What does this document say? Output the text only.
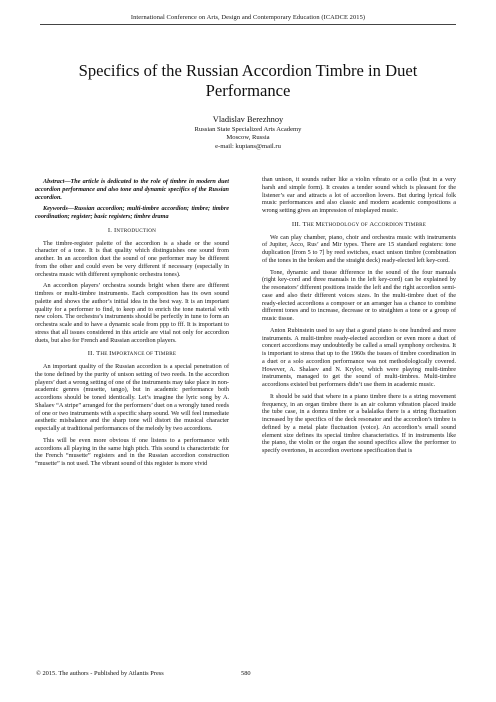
International Conference on Arts, Design and Contemporary Education (ICADCE 2015)
Specifics of the Russian Accordion Timbre in Duet Performance
Vladislav Berezhnoy
Russian State Specialized Arts Academy
Moscow, Russia
e-mail: kupians@mail.ru

Abstract—The article is dedicated to the role of timbre in modern duet accordion performance and also tone and dynamic specifics of the Russian accordion.

Keywords—Russian accordion; multi-timbre accordion; timbre; timbre coordination; register; basic registers; timbre drama

I. INTRODUCTION

The timbre-register palette of the accordion is a shade or the sound character of a tone. It is that quality which distinguishes one sound from another. In an accordion duet the sound of one performer may be different from the other and could even be very different if necessary (especially in orchestra music with different symphonic orchestra tones).

An accordion players’ orchestra sounds bright when there are different timbres or multi-timbre instruments. Each composition has its own sound palette and shows the author’s initial idea in the best way. It is an important quality for a performer to find, to keep and to enrich the tone material with new colors. The orchestra’s instruments should be perfectly in tune to form an orchestra scale and to have a dynamic scale from ppp to fff. It is important to stress that all issues considered in this article are vital not only for accordion duets, but also for French and Russian accordion players.

II. THE IMPORTANCE OF TIMBRE

An important quality of the Russian accordion is a special penetration of the tone defined by the purity of unison setting of two reeds. In the accordion players’ duet a wrong setting of one of the instruments may take place in non-academic genres (musette, tango), but in academic performance both accordions should be toned identically. Let’s imagine the lyric song by A. Shalaev “A stripe” arranged for the performers’ duet on a wrongly tuned reeds of one or two instruments with a specific sharp sound. We will feel immediate aesthetic misbalance and the sharp tone will distort the musical character especially at traditional performances of the melody by two accordions.

This will be even more obvious if one listens to a performance with accordions all playing in the same high pitch. This sound is characteristic for the French “musette” registers and in the Russian accordion construction “musette” is not used. The vibrant sound of this register is more vivid

than unison, it sounds rather like a violin vibrato or a cello (but in a very harsh and simple form). It creates a tender sound which is pleasant for the listener’s ear and attracts a lot of accordion lovers. But during lyrical folk music performances and also classic and modern academic compositions a wrong setting gives an impression of misplayed music.

III. THE METHODOLOGY OF ACCORDION TIMBRE

We can play chamber, piano, choir and orchestra music with instruments of Jupiter, Acco, Rus’ and Mir types. There are 15 standard registers: tone duplication [from 5 to 7] by reed switches, exact unison timbre (combination of the tones in the broken and the straight deck) ready-elected left key-cord.

Tone, dynamic and tissue difference in the sound of the four manuals (right key-cord and three manuals in the left key-cord) can be explained by the resonators’ different positions inside the left and the right accordion semi-case and also their different voices sizes. In the multi-timbre duet of the ready-elected accordions a composer or an arranger has a chance to combine different tones and to increase, decrease or to straighten a tone or a group of music tissue.

Anton Rubinstein used to say that a grand piano is one hundred and more instruments. A multi-timbre ready-elected accordion or even more a duet of concert accordions may undoubtedly be called a small symphony orchestra. It is important to stress that up to the 1960s the issues of timbre coordination in a duet or a solo accordion performance was not methodologically covered. However, A. Shalaev and N. Krylov, which were playing multi-timbre instruments, managed to get the sound of multi-timbres. Multi-timbre accordions existed but performers didn’t use them in academic music.

It should be said that where in a piano timbre there is a string movement frequency, in an organ timbre there is an air column vibration placed inside the tube case, in a domra timbre or a balalaika there is a string fluctuation increased by the specifics of the deck resonator and the accordion’s timbre is defined by a metal plate fluctuation (voice). An accordion’s small sound element size defines its special timbre characteristics. If in instruments like the piano, the violin or the organ the sound specifics allow the performer to specify overtones, in accordion overtone specification that is

© 2015. The authors - Published by Atlantis Press	580
